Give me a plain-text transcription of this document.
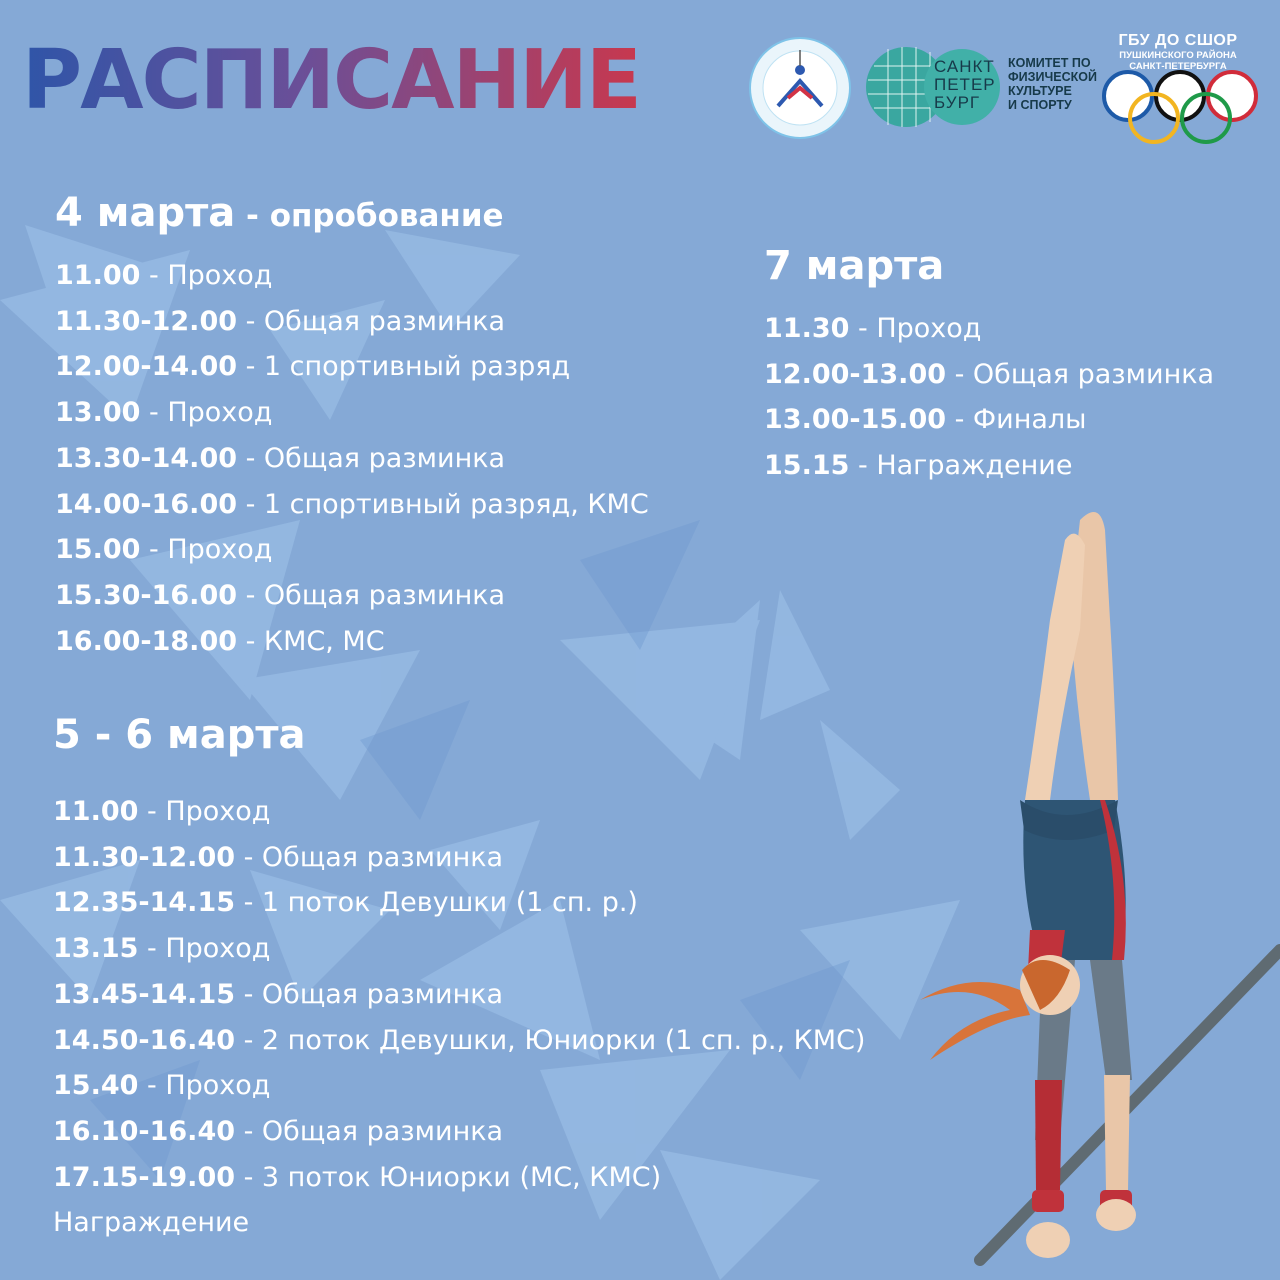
РАСПИСАНИЕ	САНКТ
ПЕТЕР
БУРГ
КОМИТЕТ ПО
ФИЗИЧЕСКОЙ
КУЛЬТУРЕ
И СПОРТУ
ГБУ ДО СШОР
ПУШКИНСКОГО РАЙОНА
САНКТ-ПЕТЕРБУРГА
4 марта - опробование
11.00 - Проход
11.30-12.00 - Общая разминка
12.00-14.00 - 1 спортивный разряд
13.00 - Проход
13.30-14.00 - Общая разминка
14.00-16.00 - 1 спортивный разряд, КМС
15.00 - Проход
15.30-16.00 - Общая разминка
16.00-18.00 - КМС, МС
7 марта
11.30 - Проход
12.00-13.00 - Общая разминка
13.00-15.00 - Финалы
15.15 - Награждение
5 - 6 марта
11.00 - Проход
11.30-12.00 - Общая разминка
12.35-14.15 - 1 поток Девушки (1 сп. р.)
13.15 - Проход
13.45-14.15 - Общая разминка
14.50-16.40 - 2 поток Девушки, Юниорки (1 сп. р., КМС)
15.40 - Проход
16.10-16.40 - Общая разминка
17.15-19.00 - 3 поток Юниорки (МС, КМС)
Награждение
